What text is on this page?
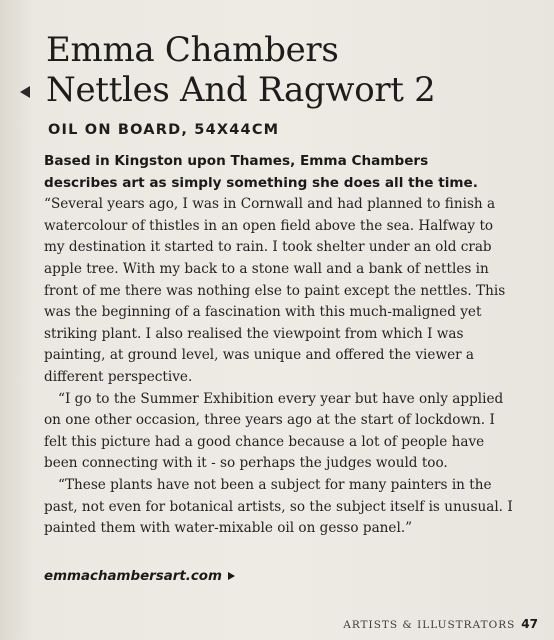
Emma Chambers
Nettles And Ragwort 2
OIL ON BOARD, 54X44CM
Based in Kingston upon Thames, Emma Chambers
describes art as simply something she does all the time.
“Several years ago, I was in Cornwall and had planned to finish a
watercolour of thistles in an open field above the sea. Halfway to
my destination it started to rain. I took shelter under an old crab
apple tree. With my back to a stone wall and a bank of nettles in
front of me there was nothing else to paint except the nettles. This
was the beginning of a fascination with this much-maligned yet
striking plant. I also realised the viewpoint from which I was
painting, at ground level, was unique and offered the viewer a
different perspective.
“I go to the Summer Exhibition every year but have only applied
on one other occasion, three years ago at the start of lockdown. I
felt this picture had a good chance because a lot of people have
been connecting with it - so perhaps the judges would too.
“These plants have not been a subject for many painters in the
past, not even for botanical artists, so the subject itself is unusual. I
painted them with water-mixable oil on gesso panel.”
emmachambersart.com
ARTISTS & ILLUSTRATORS 47
